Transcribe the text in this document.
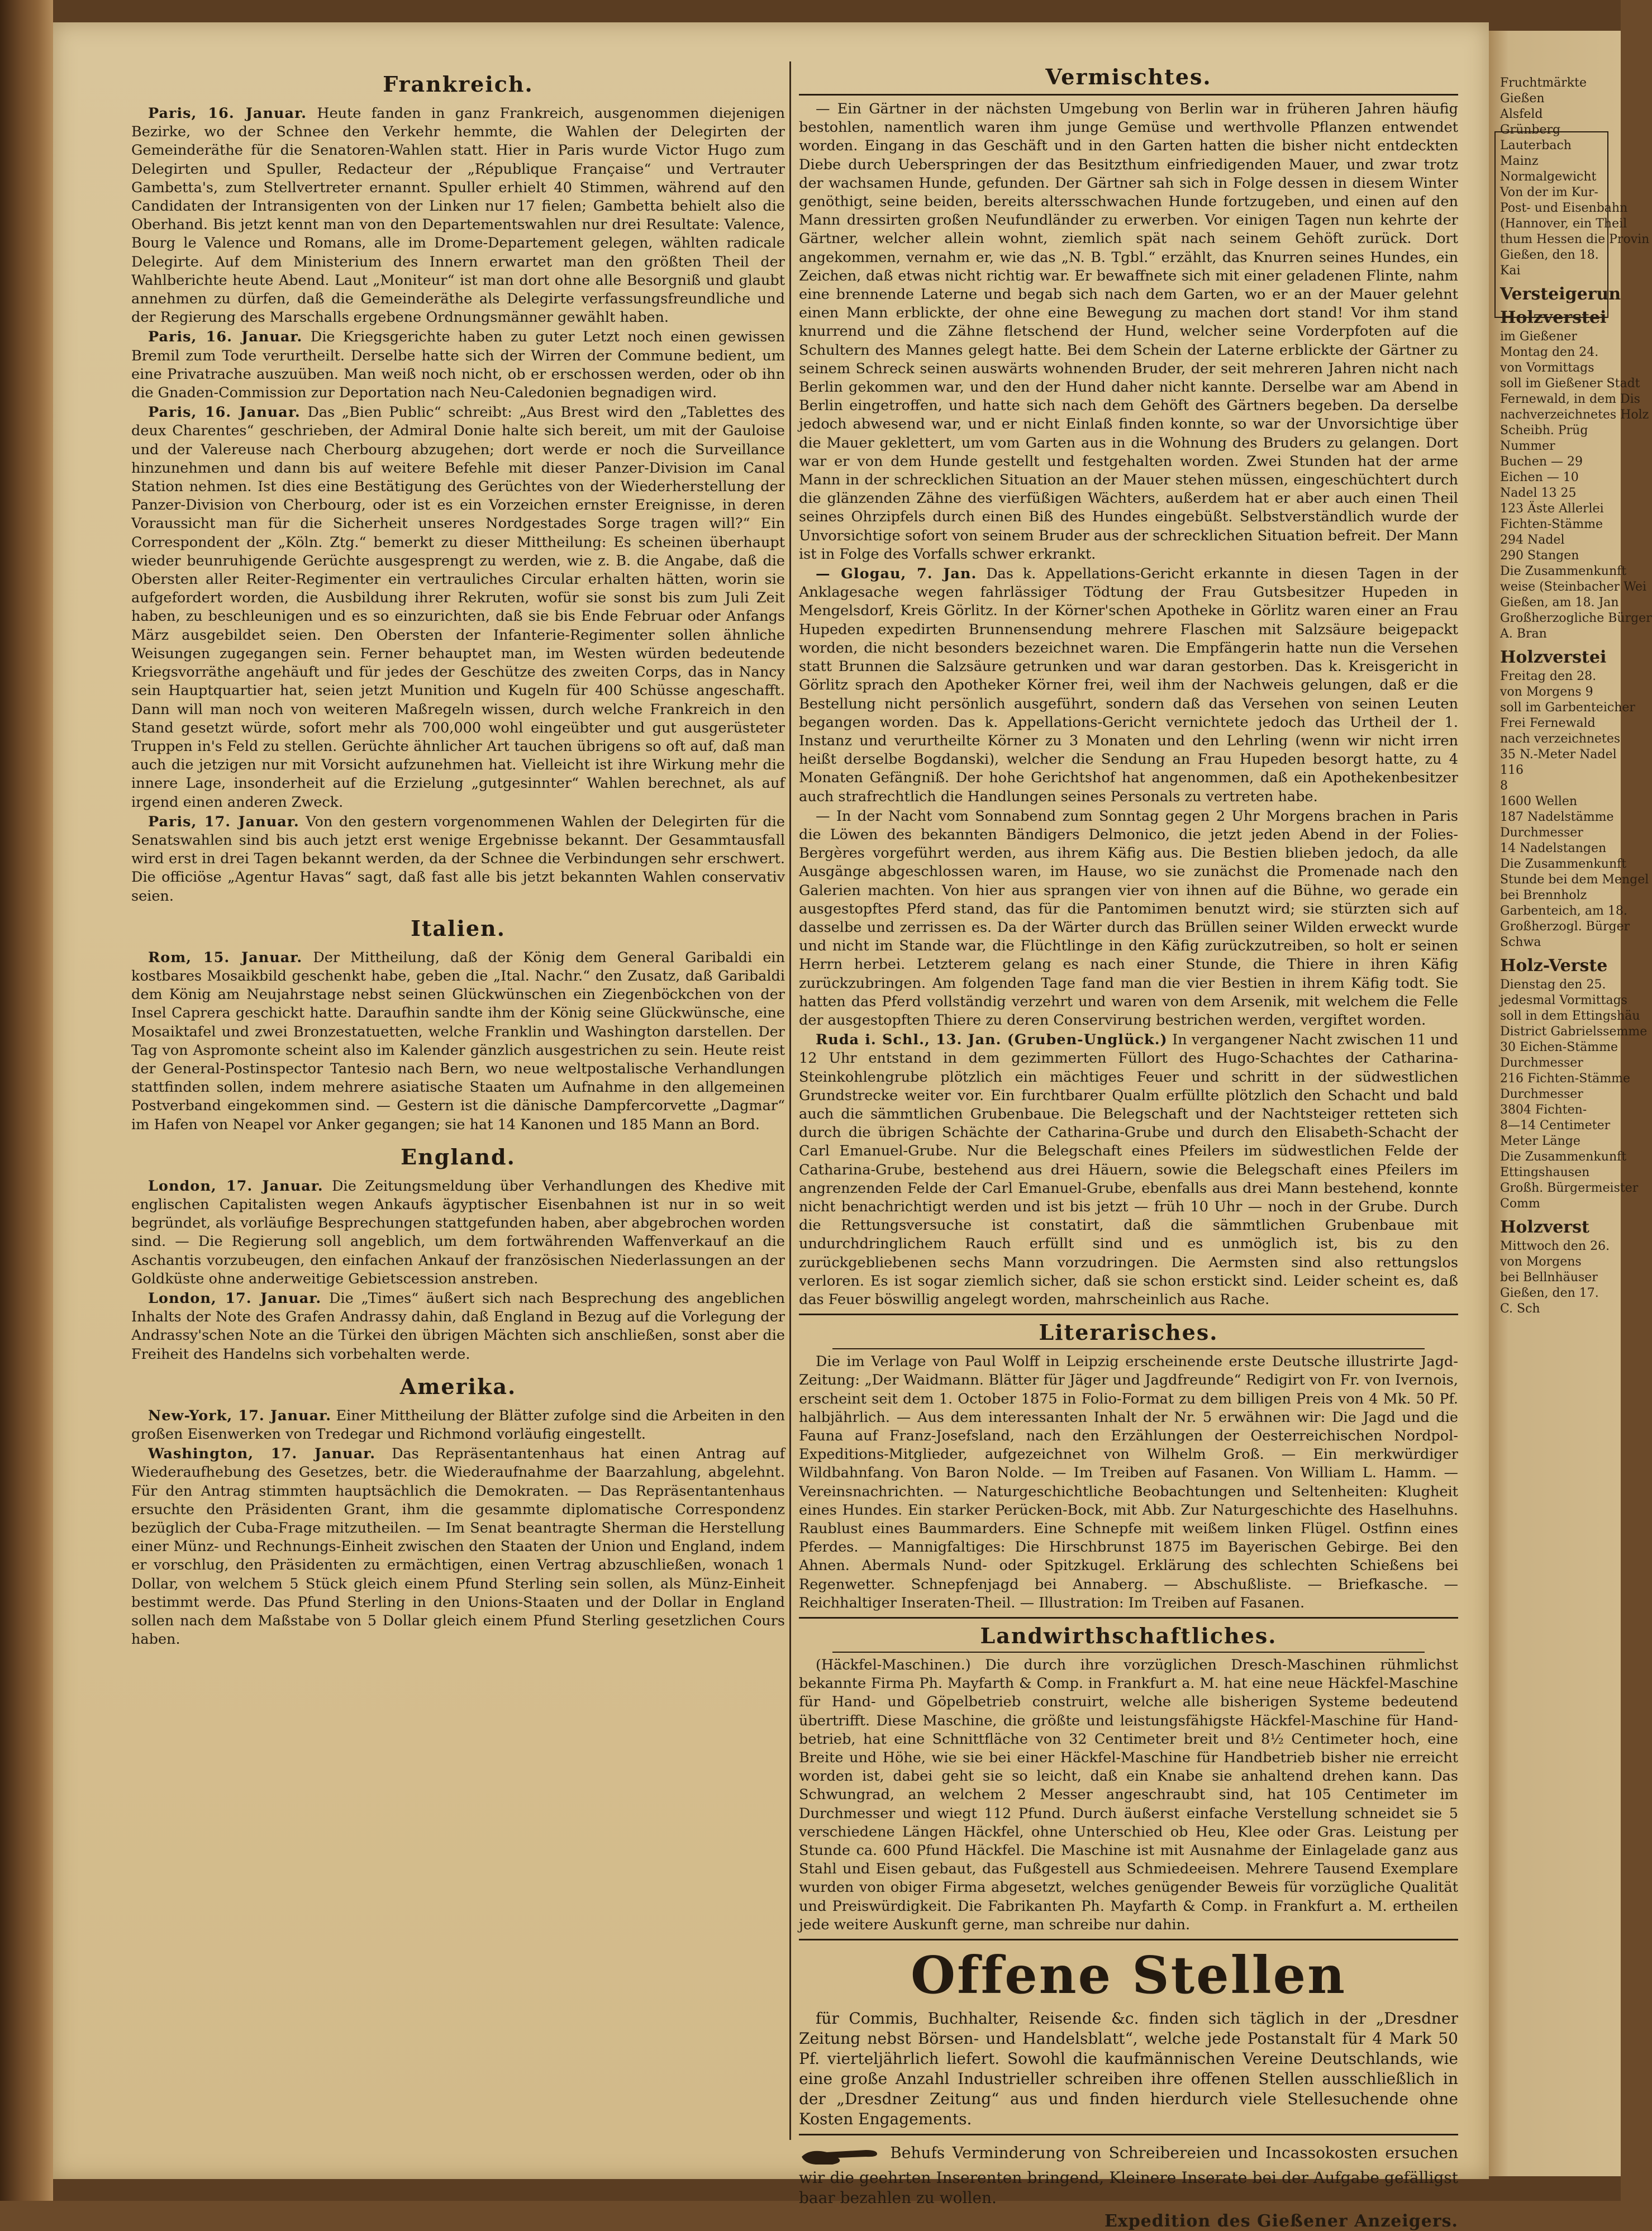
Frankreich.

Paris, 16. Januar. Heute fanden in ganz Frankreich, ausgenommen diejenigen Bezirke, wo der Schnee den Verkehr hemmte, die Wahlen der Delegirten der Gemeinderäthe für die Senatoren-Wahlen statt. Hier in Paris wurde Victor Hugo zum Delegirten und Spuller, Redacteur der „République Française“ und Vertrauter Gambetta's, zum Stellvertreter ernannt. Spuller erhielt 40 Stimmen, während auf den Candidaten der Intransigenten von der Linken nur 17 fielen; Gambetta behielt also die Oberhand. Bis jetzt kennt man von den Departementswahlen nur drei Resultate: Valence, Bourg le Valence und Romans, alle im Drome-Departement gelegen, wählten radicale Delegirte. Auf dem Ministerium des Innern erwartet man den größten Theil der Wahlberichte heute Abend. Laut „Moniteur“ ist man dort ohne alle Besorgniß und glaubt annehmen zu dürfen, daß die Gemeinderäthe als Delegirte verfassungsfreundliche und der Regierung des Marschalls ergebene Ordnungsmänner gewählt haben.

Paris, 16. Januar. Die Kriegsgerichte haben zu guter Letzt noch einen gewissen Bremil zum Tode verurtheilt. Derselbe hatte sich der Wirren der Commune bedient, um eine Privatrache auszuüben. Man weiß noch nicht, ob er erschossen werden, oder ob ihn die Gnaden-Commission zur Deportation nach Neu-Caledonien begnadigen wird.

Paris, 16. Januar. Das „Bien Public“ schreibt: „Aus Brest wird den „Tablettes des deux Charentes“ geschrieben, der Admiral Donie halte sich bereit, um mit der Gauloise und der Valereuse nach Cherbourg abzugehen; dort werde er noch die Surveillance hinzunehmen und dann bis auf weitere Befehle mit dieser Panzer-Division im Canal Station nehmen. Ist dies eine Bestätigung des Gerüchtes von der Wiederherstellung der Panzer-Division von Cherbourg, oder ist es ein Vorzeichen ernster Ereignisse, in deren Voraussicht man für die Sicherheit unseres Nordgestades Sorge tragen will?“ Ein Correspondent der „Köln. Ztg.“ bemerkt zu dieser Mittheilung: Es scheinen überhaupt wieder beunruhigende Gerüchte ausgesprengt zu werden, wie z. B. die Angabe, daß die Obersten aller Reiter-Regimenter ein vertrauliches Circular erhalten hätten, worin sie aufgefordert worden, die Ausbildung ihrer Rekruten, wofür sie sonst bis zum Juli Zeit haben, zu beschleunigen und es so einzurichten, daß sie bis Ende Februar oder Anfangs März ausgebildet seien. Den Obersten der Infanterie-Regimenter sollen ähnliche Weisungen zugegangen sein. Ferner behauptet man, im Westen würden bedeutende Kriegsvorräthe angehäuft und für jedes der Geschütze des zweiten Corps, das in Nancy sein Hauptquartier hat, seien jetzt Munition und Kugeln für 400 Schüsse angeschafft. Dann will man noch von weiteren Maßregeln wissen, durch welche Frankreich in den Stand gesetzt würde, sofort mehr als 700,000 wohl eingeübter und gut ausgerüsteter Truppen in's Feld zu stellen. Gerüchte ähnlicher Art tauchen übrigens so oft auf, daß man auch die jetzigen nur mit Vorsicht aufzunehmen hat. Vielleicht ist ihre Wirkung mehr die innere Lage, insonderheit auf die Erzielung „gutgesinnter“ Wahlen berechnet, als auf irgend einen anderen Zweck.

Paris, 17. Januar. Von den gestern vorgenommenen Wahlen der Delegirten für die Senatswahlen sind bis auch jetzt erst wenige Ergebnisse bekannt. Der Gesammtausfall wird erst in drei Tagen bekannt werden, da der Schnee die Verbindungen sehr erschwert. Die officiöse „Agentur Havas“ sagt, daß fast alle bis jetzt bekannten Wahlen conservativ seien.

Italien.

Rom, 15. Januar. Der Mittheilung, daß der König dem General Garibaldi ein kostbares Mosaikbild geschenkt habe, geben die „Ital. Nachr.“ den Zusatz, daß Garibaldi dem König am Neujahrstage nebst seinen Glückwünschen ein Ziegenböckchen von der Insel Caprera geschickt hatte. Daraufhin sandte ihm der König seine Glückwünsche, eine Mosaiktafel und zwei Bronzestatuetten, welche Franklin und Washington darstellen. Der Tag von Aspromonte scheint also im Kalender gänzlich ausgestrichen zu sein. Heute reist der General-Postinspector Tantesio nach Bern, wo neue weltpostalische Verhandlungen stattfinden sollen, indem mehrere asiatische Staaten um Aufnahme in den allgemeinen Postverband eingekommen sind. — Gestern ist die dänische Dampfercorvette „Dagmar“ im Hafen von Neapel vor Anker gegangen; sie hat 14 Kanonen und 185 Mann an Bord.

England.

London, 17. Januar. Die Zeitungsmeldung über Verhandlungen des Khedive mit englischen Capitalisten wegen Ankaufs ägyptischer Eisenbahnen ist nur in so weit begründet, als vorläufige Besprechungen stattgefunden haben, aber abgebrochen worden sind. — Die Regierung soll angeblich, um dem fortwährenden Waffenverkauf an die Aschantis vorzubeugen, den einfachen Ankauf der französischen Niederlassungen an der Goldküste ohne anderweitige Gebietscession anstreben.

London, 17. Januar. Die „Times“ äußert sich nach Besprechung des angeblichen Inhalts der Note des Grafen Andrassy dahin, daß England in Bezug auf die Vorlegung der Andrassy'schen Note an die Türkei den übrigen Mächten sich anschließen, sonst aber die Freiheit des Handelns sich vorbehalten werde.

Amerika.

New-York, 17. Januar. Einer Mittheilung der Blätter zufolge sind die Arbeiten in den großen Eisenwerken von Tredegar und Richmond vorläufig eingestellt.

Washington, 17. Januar. Das Repräsentantenhaus hat einen Antrag auf Wiederaufhebung des Gesetzes, betr. die Wiederaufnahme der Baarzahlung, abgelehnt. Für den Antrag stimmten hauptsächlich die Demokraten. — Das Repräsentantenhaus ersuchte den Präsidenten Grant, ihm die gesammte diplomatische Correspondenz bezüglich der Cuba-Frage mitzutheilen. — Im Senat beantragte Sherman die Herstellung einer Münz- und Rechnungs-Einheit zwischen den Staaten der Union und England, indem er vorschlug, den Präsidenten zu ermächtigen, einen Vertrag abzuschließen, wonach 1 Dollar, von welchem 5 Stück gleich einem Pfund Sterling sein sollen, als Münz-Einheit bestimmt werde. Das Pfund Sterling in den Unions-Staaten und der Dollar in England sollen nach dem Maßstabe von 5 Dollar gleich einem Pfund Sterling gesetzlichen Cours haben.

Vermischtes.

— Ein Gärtner in der nächsten Umgebung von Berlin war in früheren Jahren häufig bestohlen, namentlich waren ihm junge Gemüse und werthvolle Pflanzen entwendet worden. Eingang in das Geschäft und in den Garten hatten die bisher nicht entdeckten Diebe durch Ueberspringen der das Besitzthum einfriedigenden Mauer, und zwar trotz der wachsamen Hunde, gefunden. Der Gärtner sah sich in Folge dessen in diesem Winter genöthigt, seine beiden, bereits altersschwachen Hunde fortzugeben, und einen auf den Mann dressirten großen Neufundländer zu erwerben. Vor einigen Tagen nun kehrte der Gärtner, welcher allein wohnt, ziemlich spät nach seinem Gehöft zurück. Dort angekommen, vernahm er, wie das „N. B. Tgbl.“ erzählt, das Knurren seines Hundes, ein Zeichen, daß etwas nicht richtig war. Er bewaffnete sich mit einer geladenen Flinte, nahm eine brennende Laterne und begab sich nach dem Garten, wo er an der Mauer gelehnt einen Mann erblickte, der ohne eine Bewegung zu machen dort stand! Vor ihm stand knurrend und die Zähne fletschend der Hund, welcher seine Vorderpfoten auf die Schultern des Mannes gelegt hatte. Bei dem Schein der Laterne erblickte der Gärtner zu seinem Schreck seinen auswärts wohnenden Bruder, der seit mehreren Jahren nicht nach Berlin gekommen war, und den der Hund daher nicht kannte. Derselbe war am Abend in Berlin eingetroffen, und hatte sich nach dem Gehöft des Gärtners begeben. Da derselbe jedoch abwesend war, und er nicht Einlaß finden konnte, so war der Unvorsichtige über die Mauer geklettert, um vom Garten aus in die Wohnung des Bruders zu gelangen. Dort war er von dem Hunde gestellt und festgehalten worden. Zwei Stunden hat der arme Mann in der schrecklichen Situation an der Mauer stehen müssen, eingeschüchtert durch die glänzenden Zähne des vierfüßigen Wächters, außerdem hat er aber auch einen Theil seines Ohrzipfels durch einen Biß des Hundes eingebüßt. Selbstverständlich wurde der Unvorsichtige sofort von seinem Bruder aus der schrecklichen Situation befreit. Der Mann ist in Folge des Vorfalls schwer erkrankt.

— Glogau, 7. Jan. Das k. Appellations-Gericht erkannte in diesen Tagen in der Anklagesache wegen fahrlässiger Tödtung der Frau Gutsbesitzer Hupeden in Mengelsdorf, Kreis Görlitz. In der Körner'schen Apotheke in Görlitz waren einer an Frau Hupeden expedirten Brunnensendung mehrere Flaschen mit Salzsäure beigepackt worden, die nicht besonders bezeichnet waren. Die Empfängerin hatte nun die Versehen statt Brunnen die Salzsäure getrunken und war daran gestorben. Das k. Kreisgericht in Görlitz sprach den Apotheker Körner frei, weil ihm der Nachweis gelungen, daß er die Bestellung nicht persönlich ausgeführt, sondern daß das Versehen von seinen Leuten begangen worden. Das k. Appellations-Gericht vernichtete jedoch das Urtheil der 1. Instanz und verurtheilte Körner zu 3 Monaten und den Lehrling (wenn wir nicht irren heißt derselbe Bogdanski), welcher die Sendung an Frau Hupeden besorgt hatte, zu 4 Monaten Gefängniß. Der hohe Gerichtshof hat angenommen, daß ein Apothekenbesitzer auch strafrechtlich die Handlungen seines Personals zu vertreten habe.

— In der Nacht vom Sonnabend zum Sonntag gegen 2 Uhr Morgens brachen in Paris die Löwen des bekannten Bändigers Delmonico, die jetzt jeden Abend in der Folies-Bergères vorgeführt werden, aus ihrem Käfig aus. Die Bestien blieben jedoch, da alle Ausgänge abgeschlossen waren, im Hause, wo sie zunächst die Promenade nach den Galerien machten. Von hier aus sprangen vier von ihnen auf die Bühne, wo gerade ein ausgestopftes Pferd stand, das für die Pantomimen benutzt wird; sie stürzten sich auf dasselbe und zerrissen es. Da der Wärter durch das Brüllen seiner Wilden erweckt wurde und nicht im Stande war, die Flüchtlinge in den Käfig zurückzutreiben, so holt er seinen Herrn herbei. Letzterem gelang es nach einer Stunde, die Thiere in ihren Käfig zurückzubringen. Am folgenden Tage fand man die vier Bestien in ihrem Käfig todt. Sie hatten das Pferd vollständig verzehrt und waren von dem Arsenik, mit welchem die Felle der ausgestopften Thiere zu deren Conservirung bestrichen werden, vergiftet worden.

Ruda i. Schl., 13. Jan. (Gruben-Unglück.) In vergangener Nacht zwischen 11 und 12 Uhr entstand in dem gezimmerten Füllort des Hugo-Schachtes der Catharina-Steinkohlengrube plötzlich ein mächtiges Feuer und schritt in der südwestlichen Grundstrecke weiter vor. Ein furchtbarer Qualm erfüllte plötzlich den Schacht und bald auch die sämmtlichen Grubenbaue. Die Belegschaft und der Nachtsteiger retteten sich durch die übrigen Schächte der Catharina-Grube und durch den Elisabeth-Schacht der Carl Emanuel-Grube. Nur die Belegschaft eines Pfeilers im südwestlichen Felde der Catharina-Grube, bestehend aus drei Häuern, sowie die Belegschaft eines Pfeilers im angrenzenden Felde der Carl Emanuel-Grube, ebenfalls aus drei Mann bestehend, konnte nicht benachrichtigt werden und ist bis jetzt — früh 10 Uhr — noch in der Grube. Durch die Rettungsversuche ist constatirt, daß die sämmtlichen Grubenbaue mit undurchdringlichem Rauch erfüllt sind und es unmöglich ist, bis zu den zurückgebliebenen sechs Mann vorzudringen. Die Aermsten sind also rettungslos verloren. Es ist sogar ziemlich sicher, daß sie schon erstickt sind. Leider scheint es, daß das Feuer böswillig angelegt worden, mahrscheinlich aus Rache.

Literarisches.

Die im Verlage von Paul Wolff in Leipzig erscheinende erste Deutsche illustrirte Jagd-Zeitung: „Der Waidmann. Blätter für Jäger und Jagdfreunde“ Redigirt von Fr. von Ivernois, erscheint seit dem 1. October 1875 in Folio-Format zu dem billigen Preis von 4 Mk. 50 Pf. halbjährlich. — Aus dem interessanten Inhalt der Nr. 5 erwähnen wir: Die Jagd und die Fauna auf Franz-Josefsland, nach den Erzählungen der Oesterreichischen Nordpol-Expeditions-Mitglieder, aufgezeichnet von Wilhelm Groß. — Ein merkwürdiger Wildbahnfang. Von Baron Nolde. — Im Treiben auf Fasanen. Von William L. Hamm. — Vereinsnachrichten. — Naturgeschichtliche Beobachtungen und Seltenheiten: Klugheit eines Hundes. Ein starker Perücken-Bock, mit Abb. Zur Naturgeschichte des Haselhuhns. Raublust eines Baummarders. Eine Schnepfe mit weißem linken Flügel. Ostfinn eines Pferdes. — Mannigfaltiges: Die Hirschbrunst 1875 im Bayerischen Gebirge. Bei den Ahnen. Abermals Nund- oder Spitzkugel. Erklärung des schlechten Schießens bei Regenwetter. Schnepfenjagd bei Annaberg. — Abschußliste. — Briefkasche. — Reichhaltiger Inseraten-Theil. — Illustration: Im Treiben auf Fasanen.

Landwirthschaftliches.

(Häckfel-Maschinen.) Die durch ihre vorzüglichen Dresch-Maschinen rühmlichst bekannte Firma Ph. Mayfarth & Comp. in Frankfurt a. M. hat eine neue Häckfel-Maschine für Hand- und Göpelbetrieb construirt, welche alle bisherigen Systeme bedeutend übertrifft. Diese Maschine, die größte und leistungsfähigste Häckfel-Maschine für Hand-betrieb, hat eine Schnittfläche von 32 Centimeter breit und 8½ Centimeter hoch, eine Breite und Höhe, wie sie bei einer Häckfel-Maschine für Handbetrieb bisher nie erreicht worden ist, dabei geht sie so leicht, daß ein Knabe sie anhaltend drehen kann. Das Schwungrad, an welchem 2 Messer angeschraubt sind, hat 105 Centimeter im Durchmesser und wiegt 112 Pfund. Durch äußerst einfache Verstellung schneidet sie 5 verschiedene Längen Häckfel, ohne Unterschied ob Heu, Klee oder Gras. Leistung per Stunde ca. 600 Pfund Häckfel. Die Maschine ist mit Ausnahme der Einlagelade ganz aus Stahl und Eisen gebaut, das Fußgestell aus Schmiedeeisen. Mehrere Tausend Exemplare wurden von obiger Firma abgesetzt, welches genügender Beweis für vorzügliche Qualität und Preiswürdigkeit. Die Fabrikanten Ph. Mayfarth & Comp. in Frankfurt a. M. ertheilen jede weitere Auskunft gerne, man schreibe nur dahin.

Offene Stellen

für Commis, Buchhalter, Reisende &c. finden sich täglich in der „Dresdner Zeitung nebst Börsen- und Handelsblatt“, welche jede Postanstalt für 4 Mark 50 Pf. vierteljährlich liefert. Sowohl die kaufmännischen Vereine Deutschlands, wie eine große Anzahl Industrieller schreiben ihre offenen Stellen ausschließlich in der „Dresdner Zeitung“ aus und finden hierdurch viele Stellesuchende ohne Kosten Engagements.

Behufs Verminderung von Schreibereien und Incassokosten ersuchen wir die geehrten Inserenten bringend, Kleinere Inserate bei der Aufgabe gefälligst baar bezahlen zu wollen.

Expedition des Gießener Anzeigers.
Fruchtmärkte
Gießen
Alsfeld
Grünberg
Lauterbach
Mainz
Normalgewicht
Von der im Kur-
Post- und Eisenbahn
(Hannover, ein Theil
thum Hessen die Provin
Gießen, den 18.
Kai
Versteigerun
Holzverstei
im Gießener
Montag den 24.
von Vormittags
soll im Gießener Stadt
Fernewald, in dem Dis
nachverzeichnetes Holz
Scheibh. Prüg
Nummer
Buchen — 29
Eichen — 10
Nadel 13 25
123 Äste Allerlei
Fichten-Stämme
294 Nadel
290 Stangen
Die Zusammenkunft
weise (Steinbacher Wei
Gießen, am 18. Jan
Großherzogliche Bürger
A. Bran
Holzverstei
Freitag den 28.
von Morgens 9
soll im Garbenteicher
Frei Fernewald
nach verzeichnetes
35 N.-Meter Nadel
116
8
1600 Wellen
187 Nadelstämme
Durchmesser
14 Nadelstangen
Die Zusammenkunft
Stunde bei dem Mengel
bei Brennholz
Garbenteich, am 18.
Großherzogl. Bürger
Schwa
Holz-Verste
Dienstag den 25.
jedesmal Vormittags
soll in dem Ettingshäu
District Gabrielssemme
30 Eichen-Stämme
Durchmesser
216 Fichten-Stämme
Durchmesser
3804 Fichten-
8—14 Centimeter
Meter Länge
Die Zusammenkunft
Ettingshausen
Großh. Bürgermeister
Comm
Holzverst
Mittwoch den 26.
von Morgens
bei Bellnhäuser
Gießen, den 17.
C. Sch
